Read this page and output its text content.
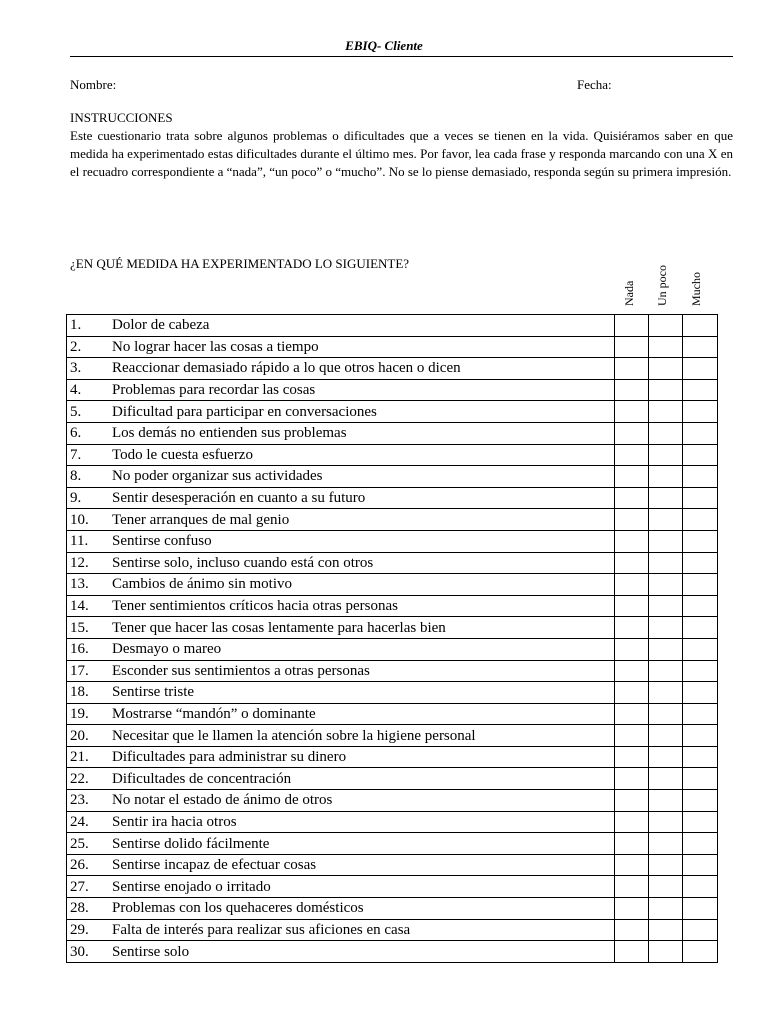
EBIQ- Cliente
Nombre:	Fecha:
INSTRUCCIONES
Este cuestionario trata sobre algunos problemas o dificultades que a veces se tienen en la vida. Quisiéramos saber en que medida ha experimentado estas dificultades durante el último mes. Por favor, lea cada frase y responda marcando con una X en el recuadro correspondiente a “nada”, “un poco” o “mucho”. No se lo piense demasiado, responda según su primera impresión.
¿EN QUÉ MEDIDA HA EXPERIMENTADO LO SIGUIENTE?
Nada Un poco Mucho
1. Dolor de cabeza			
2. No lograr hacer las cosas a tiempo			
3. Reaccionar demasiado rápido a lo que otros hacen o dicen			
4. Problemas para recordar las cosas			
5. Dificultad para participar en conversaciones			
6. Los demás no entienden sus problemas			
7. Todo le cuesta esfuerzo			
8. No poder organizar sus actividades			
9. Sentir desesperación en cuanto a su futuro			
10. Tener arranques de mal genio			
11. Sentirse confuso			
12. Sentirse solo, incluso cuando está con otros			
13. Cambios de ánimo sin motivo			
14. Tener sentimientos críticos hacia otras personas			
15. Tener que hacer las cosas lentamente para hacerlas bien			
16. Desmayo o mareo			
17. Esconder sus sentimientos a otras personas			
18. Sentirse triste			
19. Mostrarse “mandón” o dominante			
20. Necesitar que le llamen la atención sobre la higiene personal			
21. Dificultades para administrar su dinero			
22. Dificultades de concentración			
23. No notar el estado de ánimo de otros			
24. Sentir ira hacia otros			
25. Sentirse dolido fácilmente			
26. Sentirse incapaz de efectuar cosas			
27. Sentirse enojado o irritado			
28. Problemas con los quehaceres domésticos			
29. Falta de interés para realizar sus aficiones en casa			
30. Sentirse solo			
